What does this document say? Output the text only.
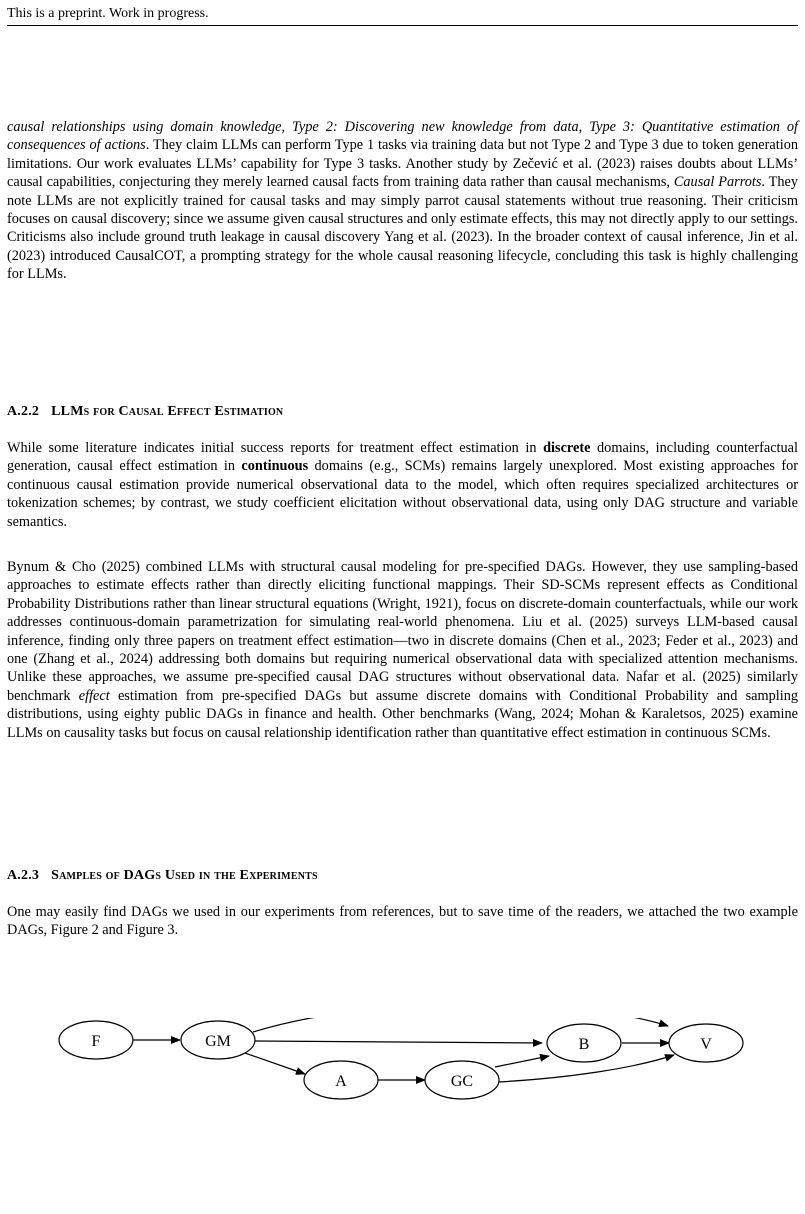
This is a preprint. Work in progress.

causal relationships using domain knowledge, Type 2: Discovering new knowledge from data, Type 3: Quantitative estimation of consequences of actions. They claim LLMs can perform Type 1 tasks via training data but not Type 2 and Type 3 due to token generation limitations. Our work evaluates LLMs’ capability for Type 3 tasks. Another study by Zečević et al. (2023) raises doubts about LLMs’ causal capabilities, conjecturing they merely learned causal facts from training data rather than causal mechanisms, Causal Parrots. They note LLMs are not explicitly trained for causal tasks and may simply parrot causal statements without true reasoning. Their criticism focuses on causal discovery; since we assume given causal structures and only estimate effects, this may not directly apply to our settings. Criticisms also include ground truth leakage in causal discovery Yang et al. (2023). In the broader context of causal inference, Jin et al. (2023) introduced CausalCOT, a prompting strategy for the whole causal reasoning lifecycle, concluding this task is highly challenging for LLMs.

A.2.2 LLMs for Causal Effect Estimation

While some literature indicates initial success reports for treatment effect estimation in discrete domains, including counterfactual generation, causal effect estimation in continuous domains (e.g., SCMs) remains largely unexplored. Most existing approaches for continuous causal estimation provide numerical observational data to the model, which often requires specialized architectures or tokenization schemes; by contrast, we study coefficient elicitation without observational data, using only DAG structure and variable semantics.

Bynum & Cho (2025) combined LLMs with structural causal modeling for pre-specified DAGs. However, they use sampling-based approaches to estimate effects rather than directly eliciting functional mappings. Their SD-SCMs represent effects as Conditional Probability Distributions rather than linear structural equations (Wright, 1921), focus on discrete-domain counterfactuals, while our work addresses continuous-domain parametrization for simulating real-world phenomena. Liu et al. (2025) surveys LLM-based causal inference, finding only three papers on treatment effect estimation—two in discrete domains (Chen et al., 2023; Feder et al., 2023) and one (Zhang et al., 2024) addressing both domains but requiring numerical observational data with specialized attention mechanisms. Unlike these approaches, we assume pre-specified causal DAG structures without observational data. Nafar et al. (2025) similarly benchmark effect estimation from pre-specified DAGs but assume discrete domains with Conditional Probability and sampling distributions, using eighty public DAGs in finance and health. Other benchmarks (Wang, 2024; Mohan & Karaletsos, 2025) examine LLMs on causality tasks but focus on causal relationship identification rather than quantitative effect estimation in continuous SCMs.

A.2.3 Samples of DAGs Used in the Experiments

One may easily find DAGs we used in our experiments from references, but to save time of the readers, we attached the two example DAGs, Figure 2 and Figure 3.

F	GM
A	GC
B	V
